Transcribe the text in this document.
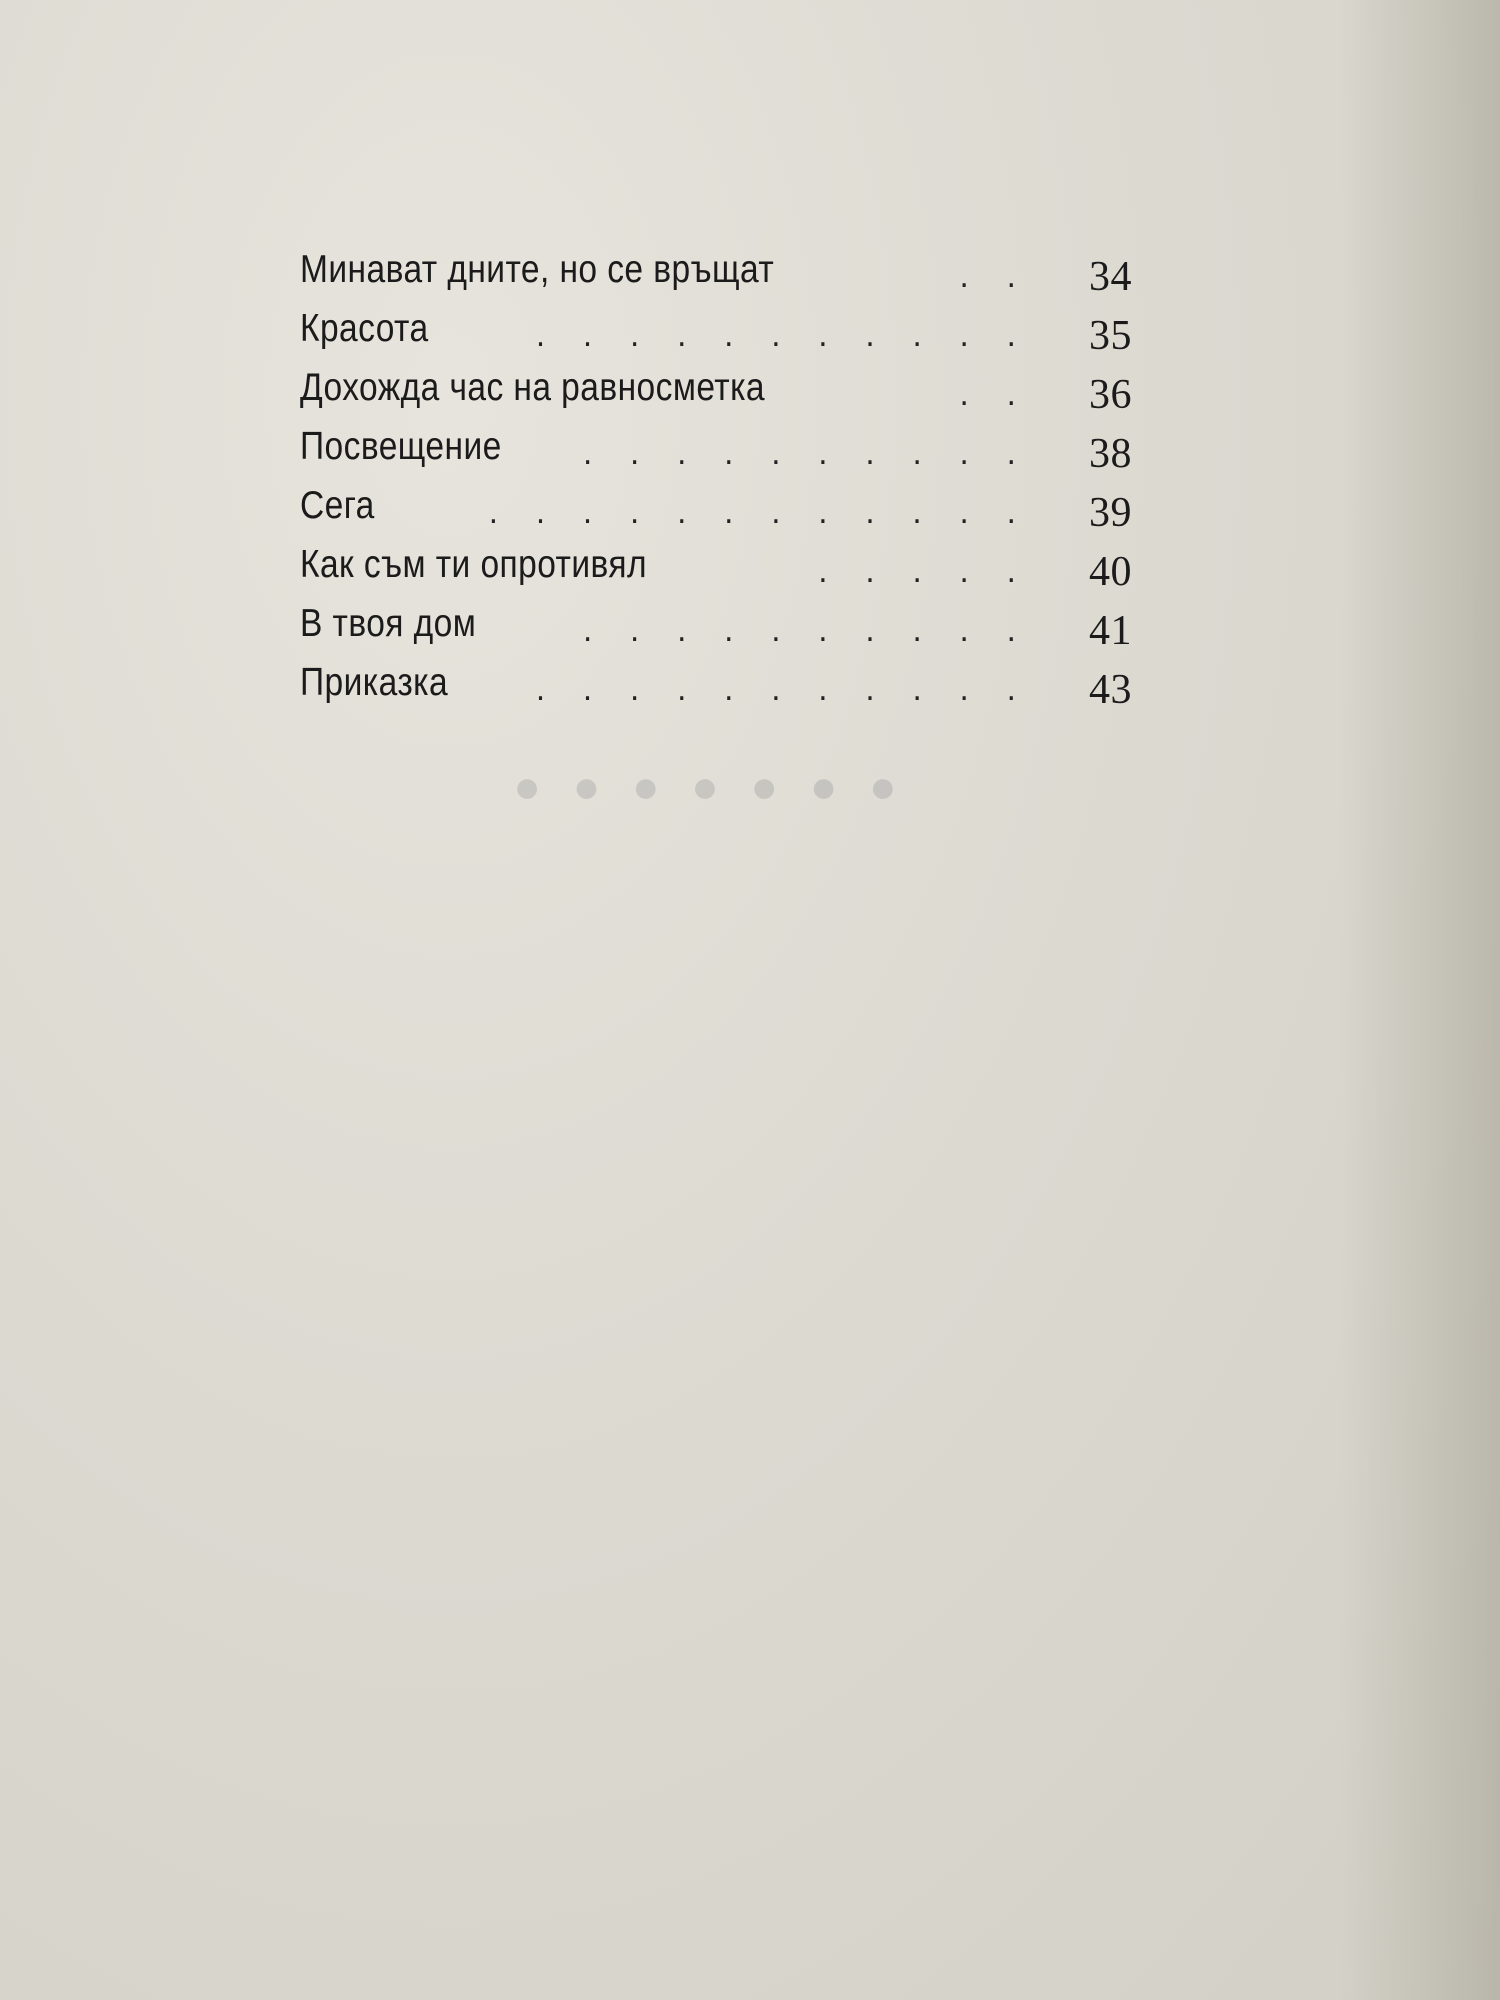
● ● ● ● ● ● ●
Минават дните, но се връщат	. . 34
Красота	. . . . . . . . . . . 35
Дохожда час на равносметка	. . 36
Посвещение	. . . . . . . . . . 38
Сега	. . . . . . . . . . . . 39
Как съм ти опротивял	. . . . . 40
В твоя дом	. . . . . . . . . . 41
Приказка	. . . . . . . . . . . 43
